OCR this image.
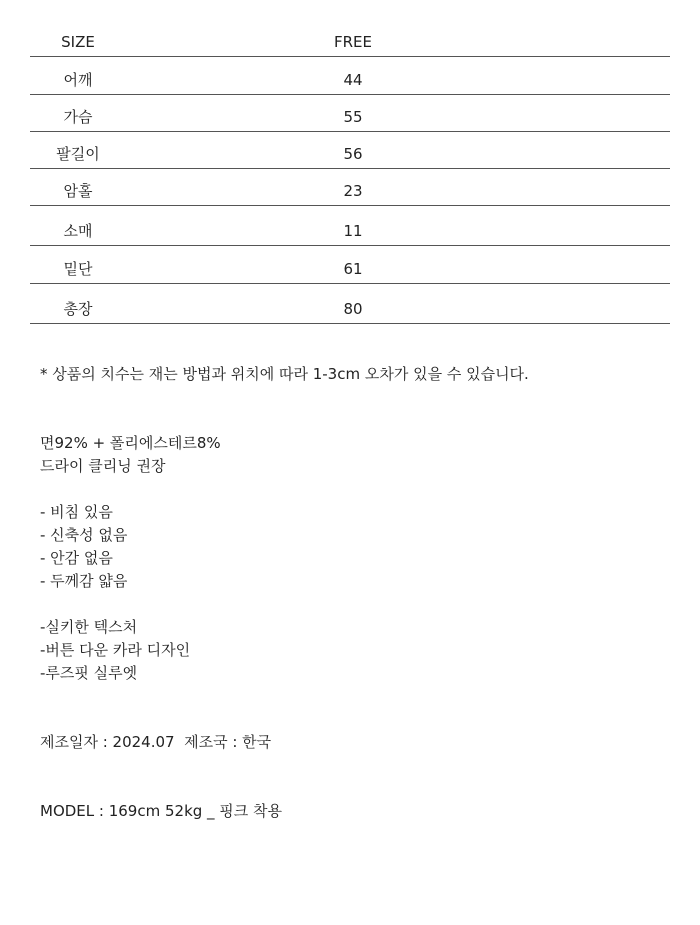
SIZE	FREE
어깨	44
가슴	55
팔길이	56
암홀	23
소매	11
밑단	61
총장	80
* 상품의 치수는 재는 방법과 위치에 따라 1-3cm 오차가 있을 수 있습니다.
면92% + 폴리에스테르8%
드라이 클리닝 권장
- 비침 있음
- 신축성 없음
- 안감 없음
- 두께감 얇음
-실키한 텍스처
-버튼 다운 카라 디자인
-루즈핏 실루엣
제조일자 : 2024.07  제조국 : 한국
MODEL : 169cm 52kg _ 핑크 착용
